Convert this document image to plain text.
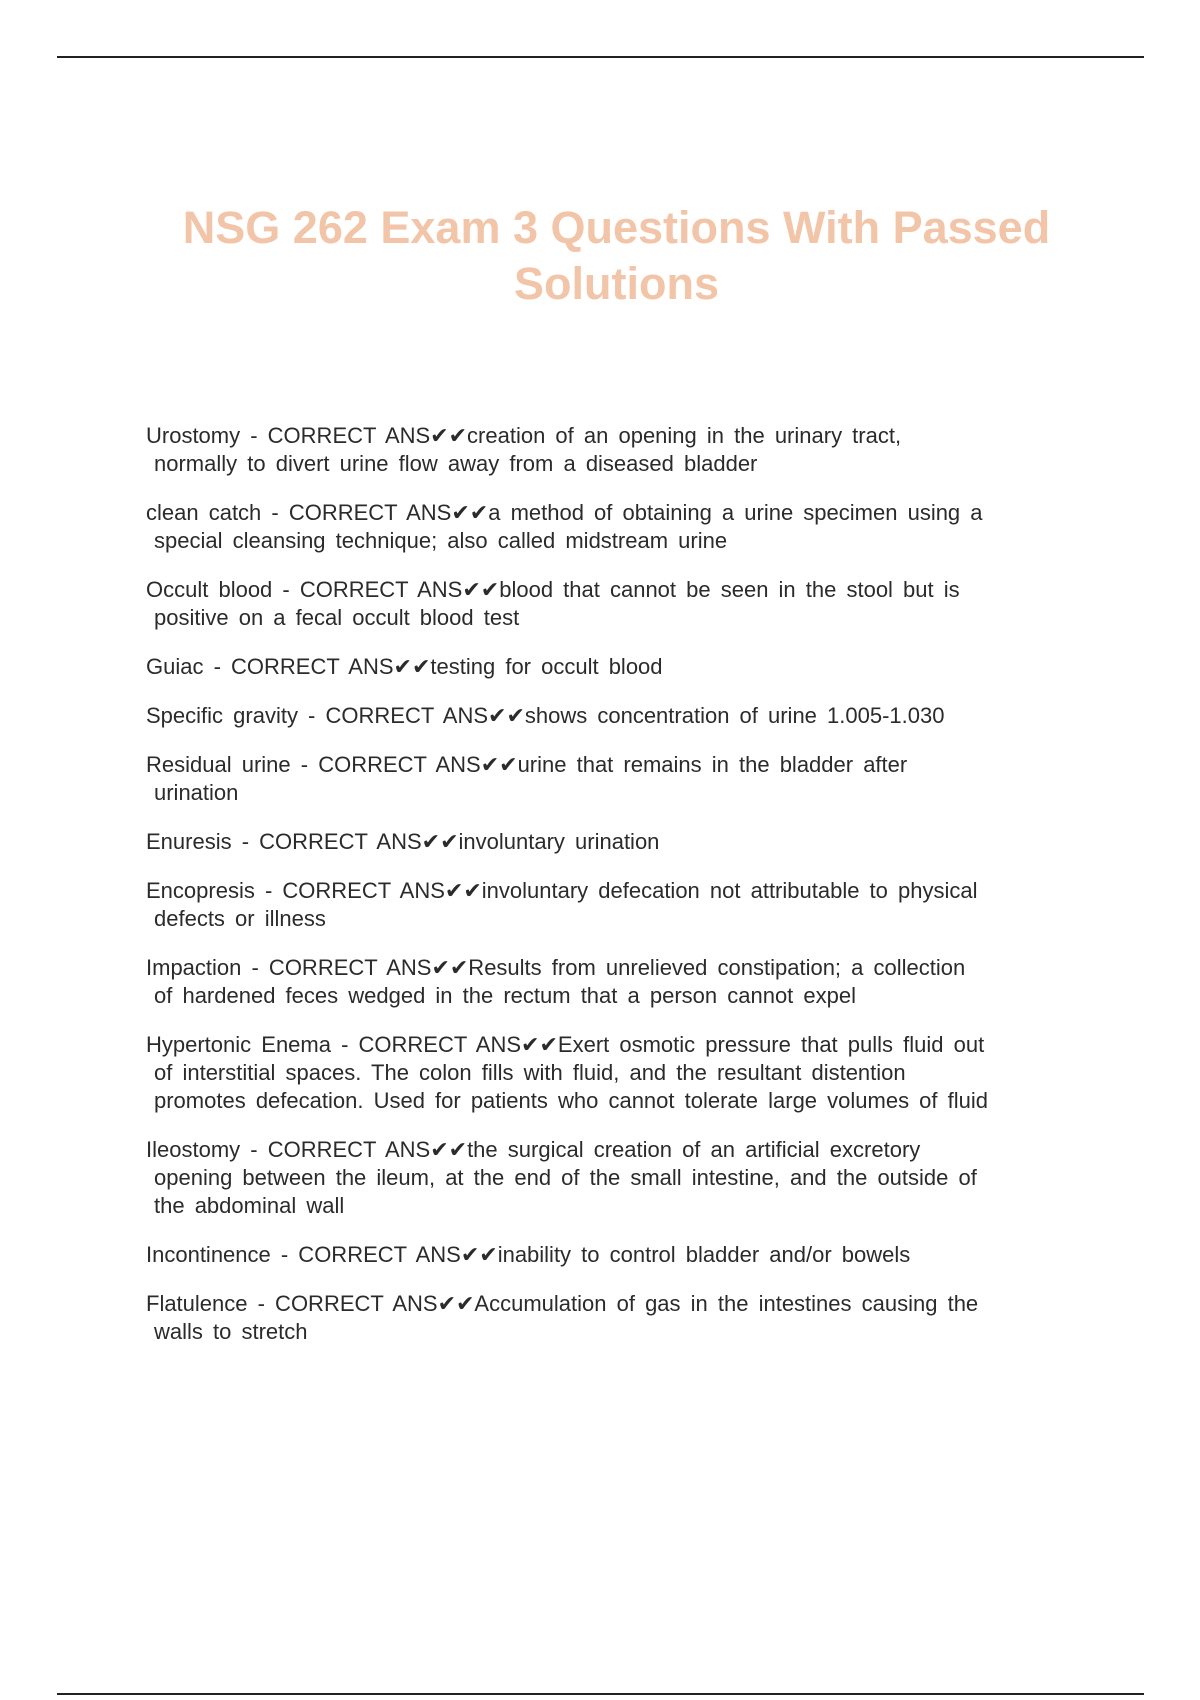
NSG 262 Exam 3 Questions With Passed
Solutions

Urostomy - CORRECT ANS✔✔creation of an opening in the urinary tract,
normally to divert urine flow away from a diseased bladder

clean catch - CORRECT ANS✔✔a method of obtaining a urine specimen using a
special cleansing technique; also called midstream urine

Occult blood - CORRECT ANS✔✔blood that cannot be seen in the stool but is
positive on a fecal occult blood test

Guiac - CORRECT ANS✔✔testing for occult blood

Specific gravity - CORRECT ANS✔✔shows concentration of urine 1.005-1.030

Residual urine - CORRECT ANS✔✔urine that remains in the bladder after
urination

Enuresis - CORRECT ANS✔✔involuntary urination

Encopresis - CORRECT ANS✔✔involuntary defecation not attributable to physical
defects or illness

Impaction - CORRECT ANS✔✔Results from unrelieved constipation; a collection
of hardened feces wedged in the rectum that a person cannot expel

Hypertonic Enema - CORRECT ANS✔✔Exert osmotic pressure that pulls fluid out
of interstitial spaces. The colon fills with fluid, and the resultant distention
promotes defecation. Used for patients who cannot tolerate large volumes of fluid

Ileostomy - CORRECT ANS✔✔the surgical creation of an artificial excretory
opening between the ileum, at the end of the small intestine, and the outside of
the abdominal wall

Incontinence - CORRECT ANS✔✔inability to control bladder and/or bowels

Flatulence - CORRECT ANS✔✔Accumulation of gas in the intestines causing the
walls to stretch
